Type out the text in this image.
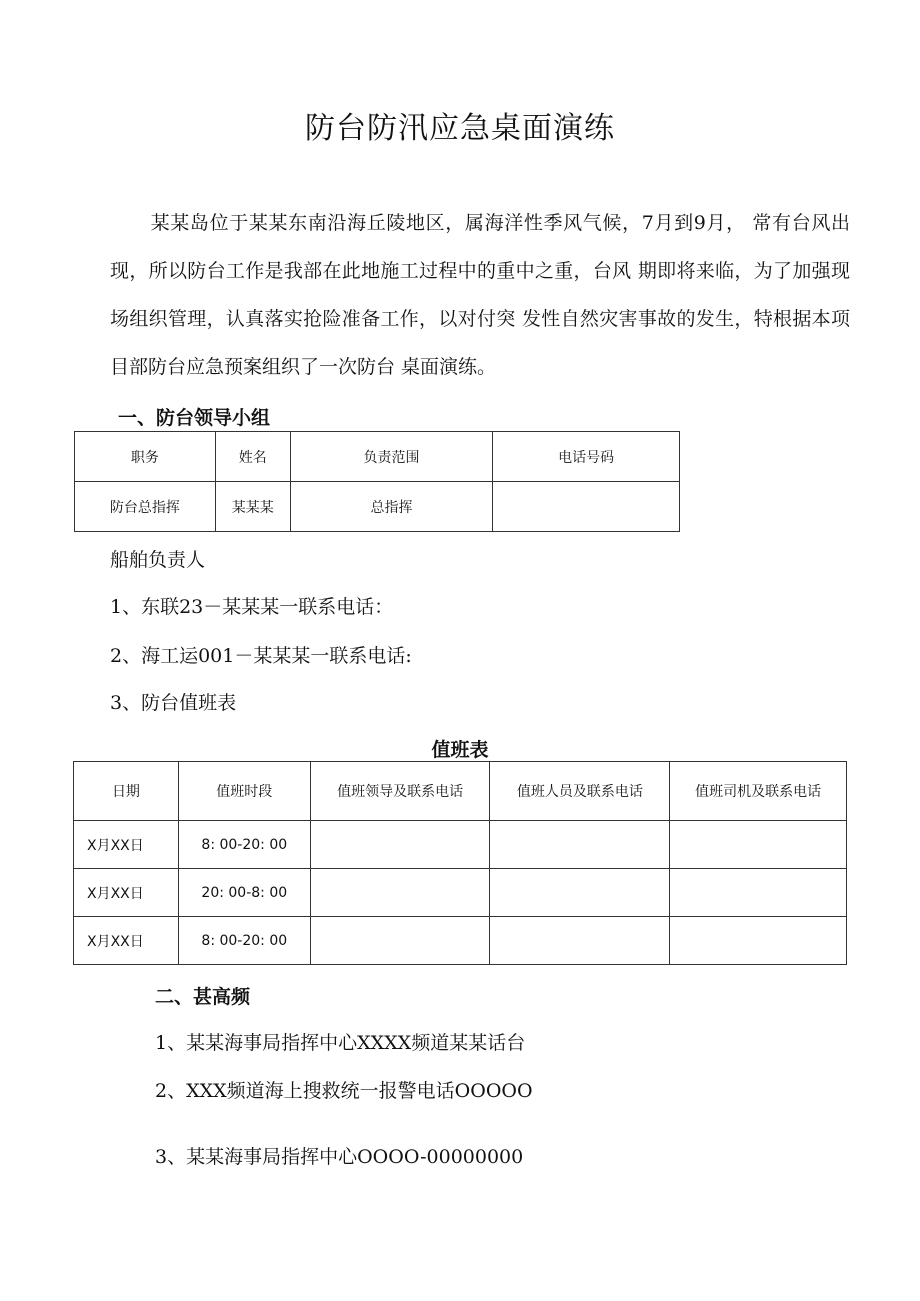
防台防汛应急桌面演练
某某岛位于某某东南沿海丘陵地区，属海洋性季风气候，7月到9月， 常有台风出现，所以防台工作是我部在此地施工过程中的重中之重，台风 期即将来临，为了加强现场组织管理，认真落实抢险准备工作，以对付突 发性自然灾害事故的发生，特根据本项目部防台应急预案组织了一次防台 桌面演练。
一、防台领导小组
职务	姓名	负责范围	电话号码
防台总指挥	某某某	总指挥	
船舶负责人
1、东联23－某某某一联系电话：
2、海工运001－某某某一联系电话:
3、防台值班表
值班表
日期	值班时段	值班领导及联系电话	值班人员及联系电话	值班司机及联系电话
X月XX日	8: 00-20: 00			
X月XX日	20: 00-8: 00			
X月XX日	8: 00-20: 00			
二、甚高频
1、某某海事局指挥中心XXXX频道某某话台
2、XXX频道海上搜救统一报警电话OOOOO
3、某某海事局指挥中心OOOO-00000000
